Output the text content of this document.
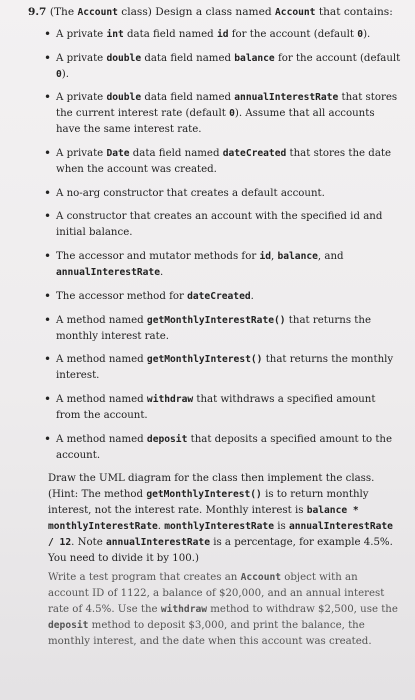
9.7 (The Account class) Design a class named Account that contains:
• A private int data field named id for the account (default 0).
• A private double data field named balance for the account (default 0).
• A private double data field named annualInterestRate that stores the current interest rate (default 0). Assume that all accounts have the same interest rate.
• A private Date data field named dateCreated that stores the date when the account was created.
• A no-arg constructor that creates a default account.
• A constructor that creates an account with the specified id and initial balance.
• The accessor and mutator methods for id, balance, and annualInterestRate.
• The accessor method for dateCreated.
• A method named getMonthlyInterestRate() that returns the monthly interest rate.
• A method named getMonthlyInterest() that returns the monthly interest.
• A method named withdraw that withdraws a specified amount from the account.
• A method named deposit that deposits a specified amount to the account.
Draw the UML diagram for the class then implement the class. (Hint: The method getMonthlyInterest() is to return monthly interest, not the interest rate. Monthly interest is balance * monthlyInterestRate. monthlyInterestRate is annualInterestRate / 12. Note annualInterestRate is a percentage, for example 4.5%. You need to divide it by 100.)
Write a test program that creates an Account object with an account ID of 1122, a balance of $20,000, and an annual interest rate of 4.5%. Use the withdraw method to withdraw $2,500, use the deposit method to deposit $3,000, and print the balance, the monthly interest, and the date when this account was created.
